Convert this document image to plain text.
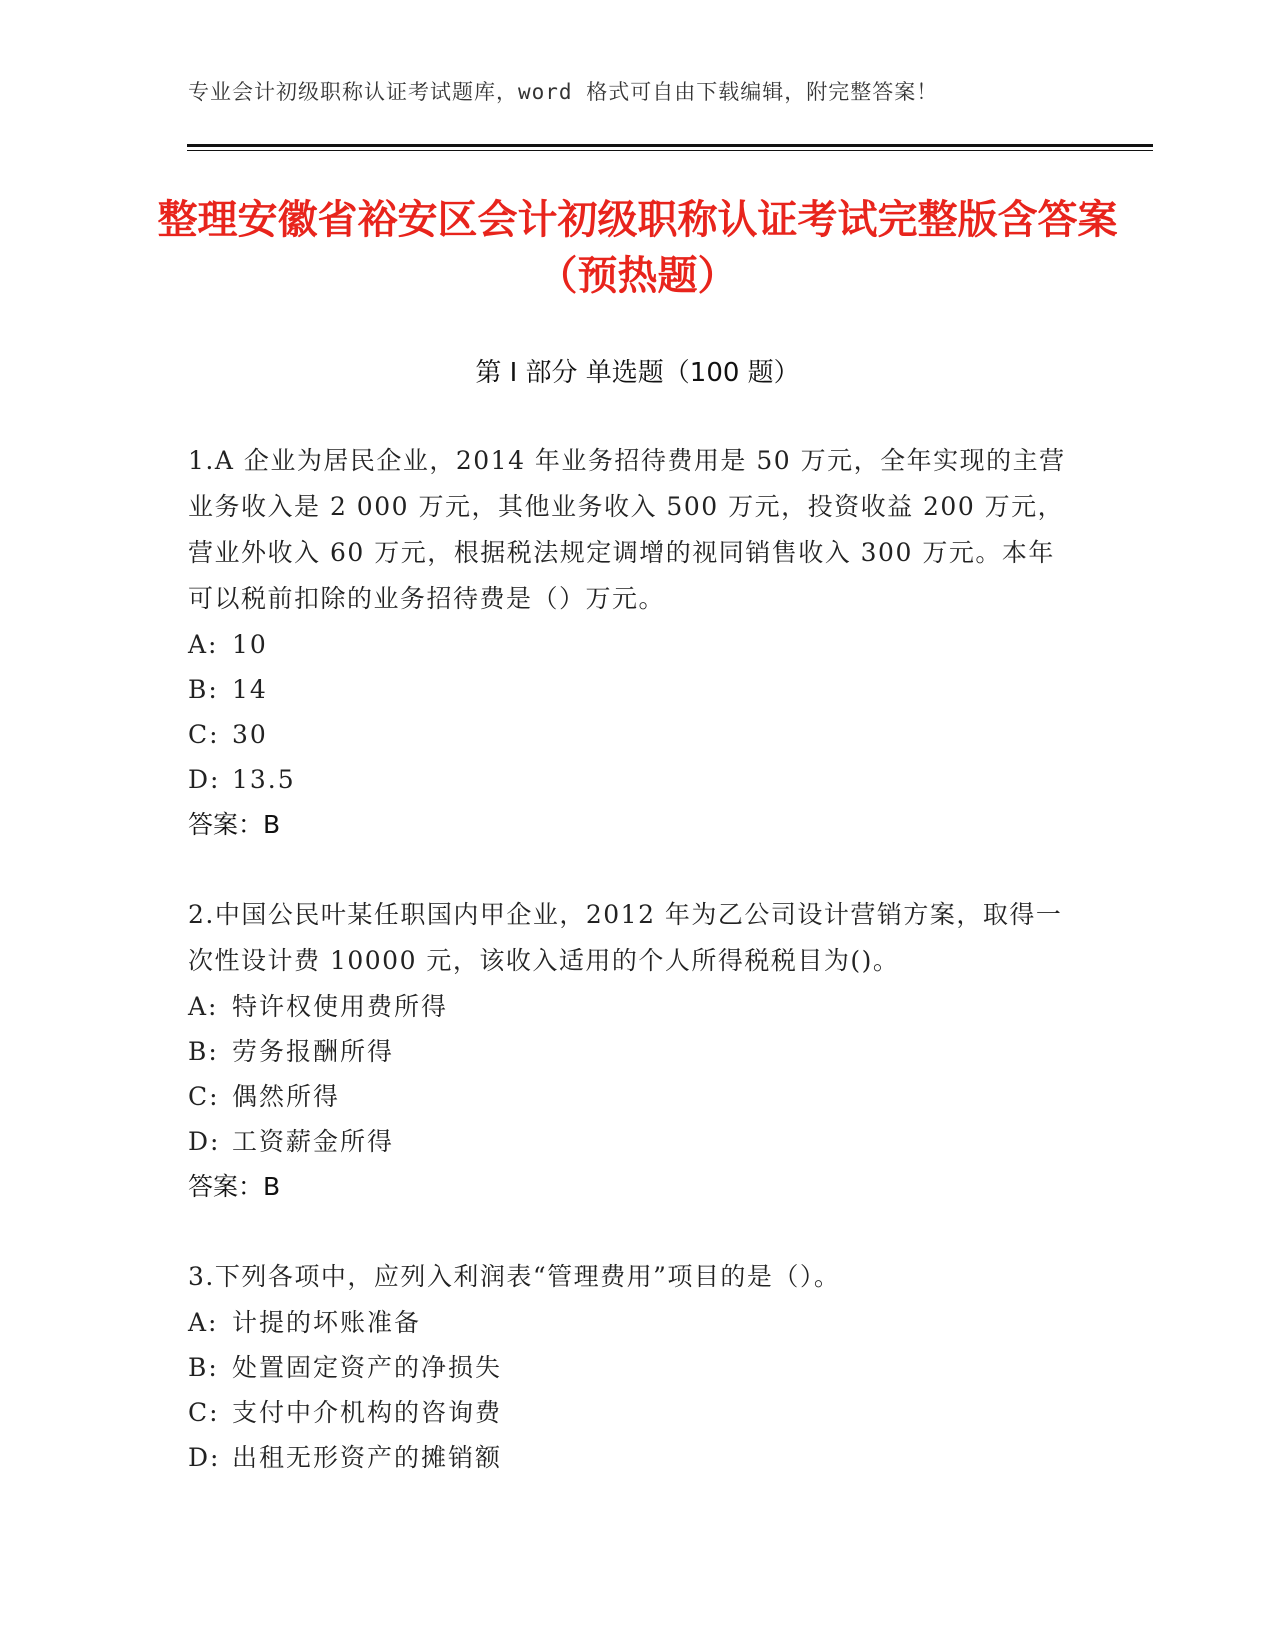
专业会计初级职称认证考试题库，word 格式可自由下载编辑，附完整答案！
整理安徽省裕安区会计初级职称认证考试完整版含答案（预热题）
第 I 部分 单选题（100 题）

1.A 企业为居民企业，2014 年业务招待费用是 50 万元，全年实现的主营业务收入是 2 000 万元，其他业务收入 500 万元，投资收益 200 万元，营业外收入 60 万元，根据税法规定调增的视同销售收入 300 万元。本年可以税前扣除的业务招待费是（）万元。

A: 10

B: 14

C: 30

D: 13.5

答案：B

2.中国公民叶某任职国内甲企业，2012 年为乙公司设计营销方案，取得一次性设计费 10000 元，该收入适用的个人所得税税目为()。

A: 特许权使用费所得

B: 劳务报酬所得

C: 偶然所得

D: 工资薪金所得

答案：B

3.下列各项中，应列入利润表“管理费用”项目的是（）。

A: 计提的坏账准备

B: 处置固定资产的净损失

C: 支付中介机构的咨询费

D: 出租无形资产的摊销额
